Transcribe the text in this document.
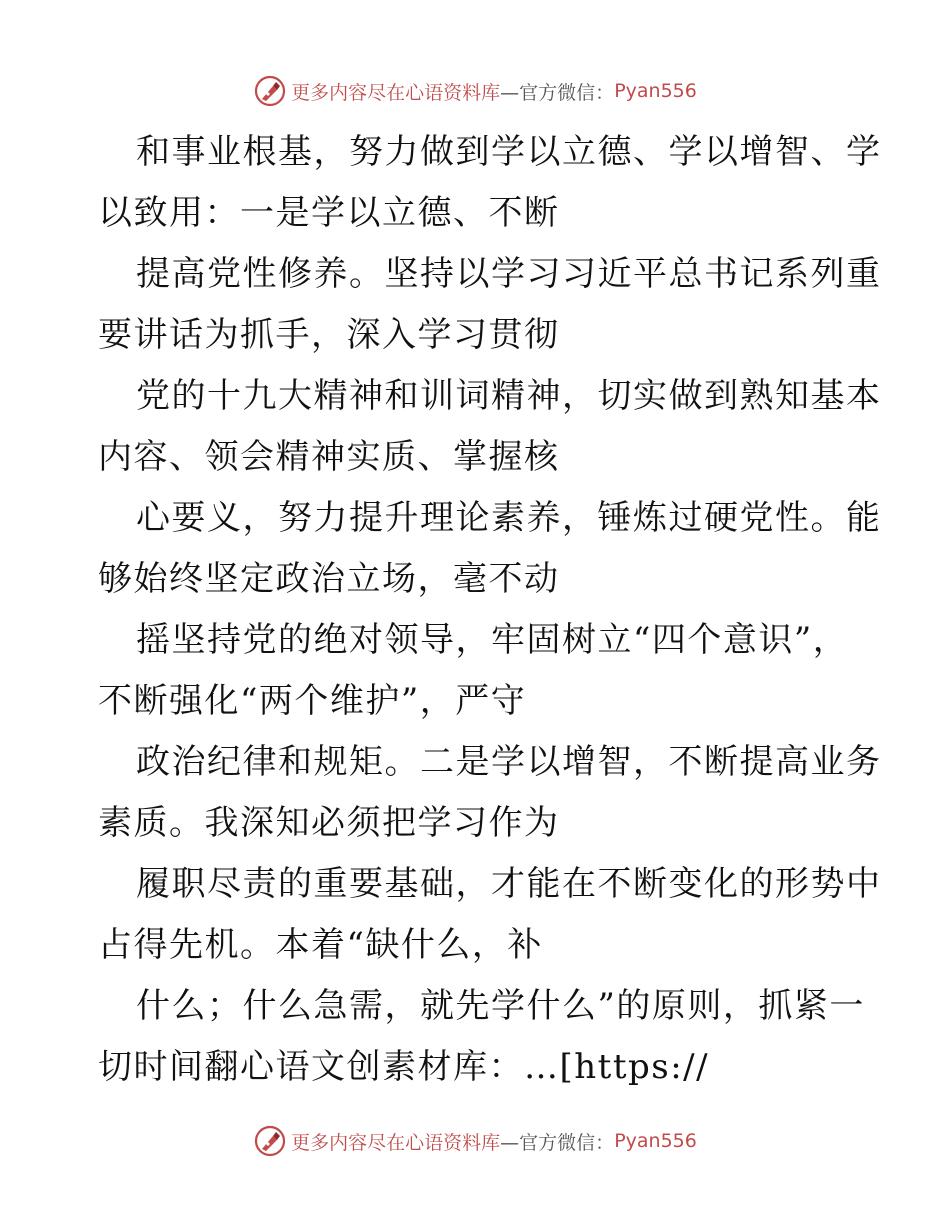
更多内容尽在心语资料库 —官方微信： Pyan556
和事业根基，努力做到学以立德、学以增智、学
以致用：一是学以立德、不断
提高党性修养。坚持以学习习近平总书记系列重
要讲话为抓手，深入学习贯彻
党的十九大精神和训词精神，切实做到熟知基本
内容、领会精神实质、掌握核
心要义，努力提升理论素养，锤炼过硬党性。能
够始终坚定政治立场，毫不动
摇坚持党的绝对领导，牢固树立“四个意识”，
不断强化“两个维护”，严守
政治纪律和规矩。二是学以增智，不断提高业务
素质。我深知必须把学习作为
履职尽责的重要基础，才能在不断变化的形势中
占得先机。本着“缺什么，补
什么；什么急需，就先学什么”的原则，抓紧一
切时间翻心语文创素材库：…[https://
更多内容尽在心语资料库 —官方微信： Pyan556
